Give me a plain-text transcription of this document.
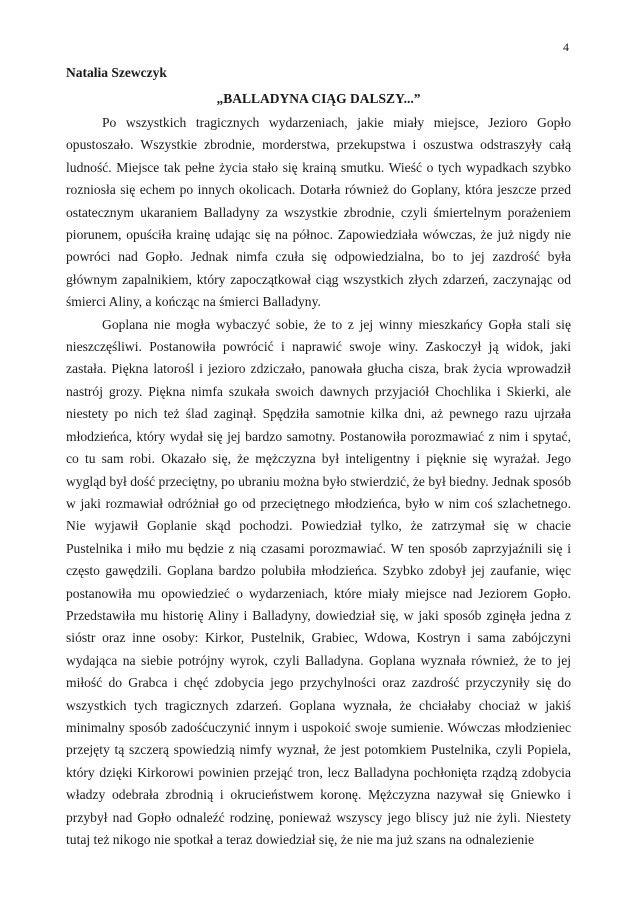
4
Natalia Szewczyk
„BALLADYNA CIĄG DALSZY...”

Po wszystkich tragicznych wydarzeniach, jakie miały miejsce, Jezioro Gopło opustoszało. Wszystkie zbrodnie, morderstwa, przekupstwa i oszustwa odstraszyły całą ludność. Miejsce tak pełne życia stało się krainą smutku. Wieść o tych wypadkach szybko rozniosła się echem po innych okolicach. Dotarła również do Goplany, która jeszcze przed ostatecznym ukaraniem Balladyny za wszystkie zbrodnie, czyli śmiertelnym porażeniem piorunem, opuściła krainę udając się na północ. Zapowiedziała wówczas, że już nigdy nie powróci nad Gopło. Jednak nimfa czuła się odpowiedzialna, bo to jej zazdrość była głównym zapalnikiem, który zapoczątkował ciąg wszystkich złych zdarzeń, zaczynając od śmierci Aliny, a kończąc na śmierci Balladyny.

Goplana nie mogła wybaczyć sobie, że to z jej winny mieszkańcy Gopła stali się nieszczęśliwi. Postanowiła powrócić i naprawić swoje winy. Zaskoczył ją widok, jaki zastała. Piękna latorośl i jezioro zdziczało, panowała głucha cisza, brak życia wprowadził nastrój grozy. Piękna nimfa szukała swoich dawnych przyjaciół Chochlika i Skierki, ale niestety po nich też ślad zaginął. Spędziła samotnie kilka dni, aż pewnego razu ujrzała młodzieńca, który wydał się jej bardzo samotny. Postanowiła porozmawiać z nim i spytać, co tu sam robi. Okazało się, że mężczyzna był inteligentny i pięknie się wyrażał. Jego wygląd był dość przeciętny, po ubraniu można było stwierdzić, że był biedny. Jednak sposób w jaki rozmawiał odróżniał go od przeciętnego młodzieńca, było w nim coś szlachetnego. Nie wyjawił Goplanie skąd pochodzi. Powiedział tylko, że zatrzymał się w chacie Pustelnika i miło mu będzie z nią czasami porozmawiać. W ten sposób zaprzyjaźnili się i często gawędzili. Goplana bardzo polubiła młodzieńca. Szybko zdobył jej zaufanie, więc postanowiła mu opowiedzieć o wydarzeniach, które miały miejsce nad Jeziorem Gopło. Przedstawiła mu historię Aliny i Balladyny, dowiedział się, w jaki sposób zginęła jedna z sióstr oraz inne osoby: Kirkor, Pustelnik, Grabiec, Wdowa, Kostryn i sama zabójczyni wydająca na siebie potrójny wyrok, czyli Balladyna. Goplana wyznała również, że to jej miłość do Grabca i chęć zdobycia jego przychylności oraz zazdrość przyczyniły się do wszystkich tych tragicznych zdarzeń. Goplana wyznała, że chciałaby chociaż w jakiś minimalny sposób zadośćuczynić innym i uspokoić swoje sumienie. Wówczas młodzieniec przejęty tą szczerą spowiedzią nimfy wyznał, że jest potomkiem Pustelnika, czyli Popiela, który dzięki Kirkorowi powinien przejąć tron, lecz Balladyna pochłonięta rządzą zdobycia władzy odebrała zbrodnią i okrucieństwem koronę. Mężczyzna nazywał się Gniewko i przybył nad Gopło odnaleźć rodzinę, ponieważ wszyscy jego bliscy już nie żyli. Niestety tutaj też nikogo nie spotkał a teraz dowiedział się, że nie ma już szans na odnalezienie
